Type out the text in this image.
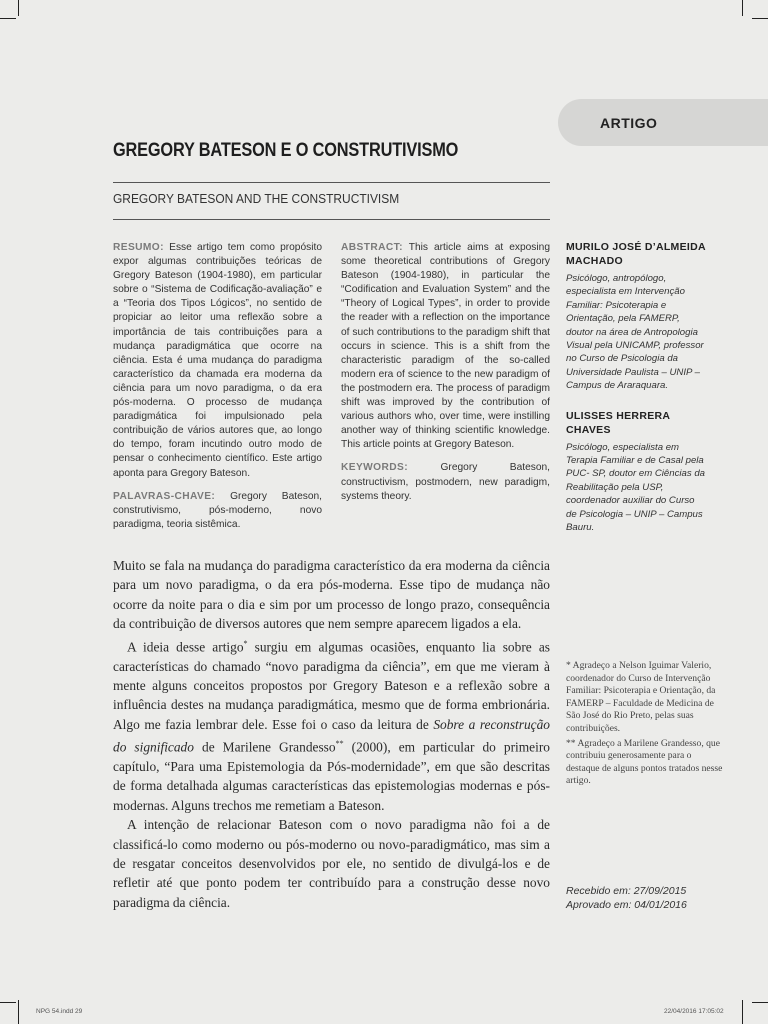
ARTIGO
GREGORY BATESON E O CONSTRUTIVISMO
GREGORY BATESON AND THE CONSTRUCTIVISM

RESUMO: Esse artigo tem como propósito expor algumas contribuições teóricas de Gregory Bateson (1904-1980), em particular sobre o “Sistema de Codificação-avaliação” e a “Teoria dos Tipos Lógicos”, no sentido de propiciar ao leitor uma reflexão sobre a importância de tais contribuições para a mudança paradigmática que ocorre na ciência. Esta é uma mudança do paradigma característico da chamada era moderna da ciência para um novo paradigma, o da era pós-moderna. O processo de mudança paradigmática foi impulsionado pela contribuição de vários autores que, ao longo do tempo, foram incutindo outro modo de pensar o conhecimento científico. Este artigo aponta para Gregory Bateson.

PALAVRAS-CHAVE: Gregory Bateson, construtivismo, pós-moderno, novo paradigma, teoria sistêmica.

ABSTRACT: This article aims at exposing some theoretical contributions of Gregory Bateson (1904-1980), in particular the “Codification and Evaluation System” and the “Theory of Logical Types”, in order to provide the reader with a reflection on the importance of such contributions to the paradigm shift that occurs in science. This is a shift from the characteristic paradigm of the so-called modern era of science to the new paradigm of the postmodern era. The process of paradigm shift was improved by the contribution of various authors who, over time, were instilling another way of thinking scientific knowledge. This article points at Gregory Bateson.

KEYWORDS:	Gregory Bateson, constructivism, postmodern, new paradigm, systems theory.

MURILO JOSÉ D’ALMEIDA MACHADO
Psicólogo, antropólogo, especialista em Intervenção Familiar: Psicoterapia e Orientação, pela FAMERP, doutor na área de Antropologia Visual pela UNICAMP, professor no Curso de Psicologia da Universidade Paulista – UNIP – Campus de Araraquara.
ULISSES HERRERA CHAVES
Psicólogo, especialista em Terapia Familiar e de Casal pela PUC- SP, doutor em Ciências da Reabilitação pela USP, coordenador auxiliar do Curso de Psicologia – UNIP – Campus Bauru.

Muito se fala na mudança do paradigma característico da era moderna da ciência para um novo paradigma, o da era pós-moderna. Esse tipo de mudança não ocorre da noite para o dia e sim por um processo de longo prazo, consequência da contribuição de diversos autores que nem sempre aparecem ligados a ela.

A ideia desse artigo* surgiu em algumas ocasiões, enquanto lia sobre as características do chamado “novo paradigma da ciência”, em que me vieram à mente alguns conceitos propostos por Gregory Bateson e a reflexão sobre a influência destes na mudança paradigmática, mesmo que de forma embrionária. Algo me fazia lembrar dele. Esse foi o caso da leitura de Sobre a reconstrução do significado de Marilene Grandesso** (2000), em particular do primeiro capítulo, “Para uma Epistemologia da Pós-modernidade”, em que são descritas de forma detalhada algumas características das epistemologias modernas e pós-modernas. Alguns trechos me remetiam a Bateson.

A intenção de relacionar Bateson com o novo paradigma não foi a de classificá-lo como moderno ou pós-moderno ou novo-paradigmático, mas sim a de resgatar conceitos desenvolvidos por ele, no sentido de divulgá-los e de refletir até que ponto podem ter contribuído para a construção desse novo paradigma da ciência.

* Agradeço a Nelson Iguimar Valerio, coordenador do Curso de Intervenção Familiar: Psicoterapia e Orientação, da FAMERP – Faculdade de Medicina de São José do Rio Preto, pelas suas contribuições.

** Agradeço a Marilene Grandesso, que contribuiu generosamente para o destaque de alguns pontos tratados nesse artigo.

Recebido em: 27/09/2015
Aprovado em: 04/01/2016
NPG 54.indd 29	22/04/2016 17:05:02
